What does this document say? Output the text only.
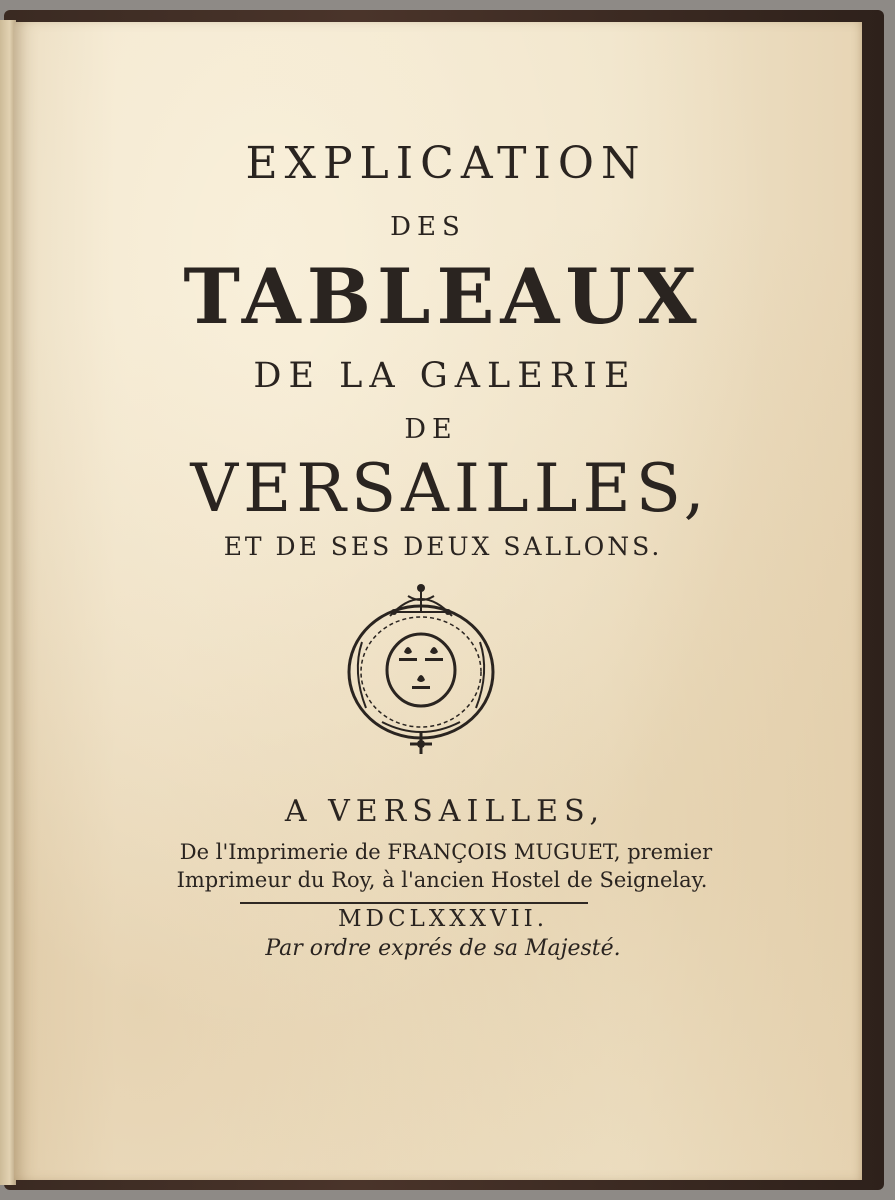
EXPLICATION
DES
TABLEAUX
DE LA GALERIE
DE
VERSAILLES,
ET DE SES DEUX SALLONS.
A VERSAILLES,
De l'Imprimerie de FRANÇOIS MUGUET, premier
Imprimeur du Roy, à l'ancien Hostel de Seignelay.
MDCLXXXVII.
Par ordre exprés de sa Majesté.
